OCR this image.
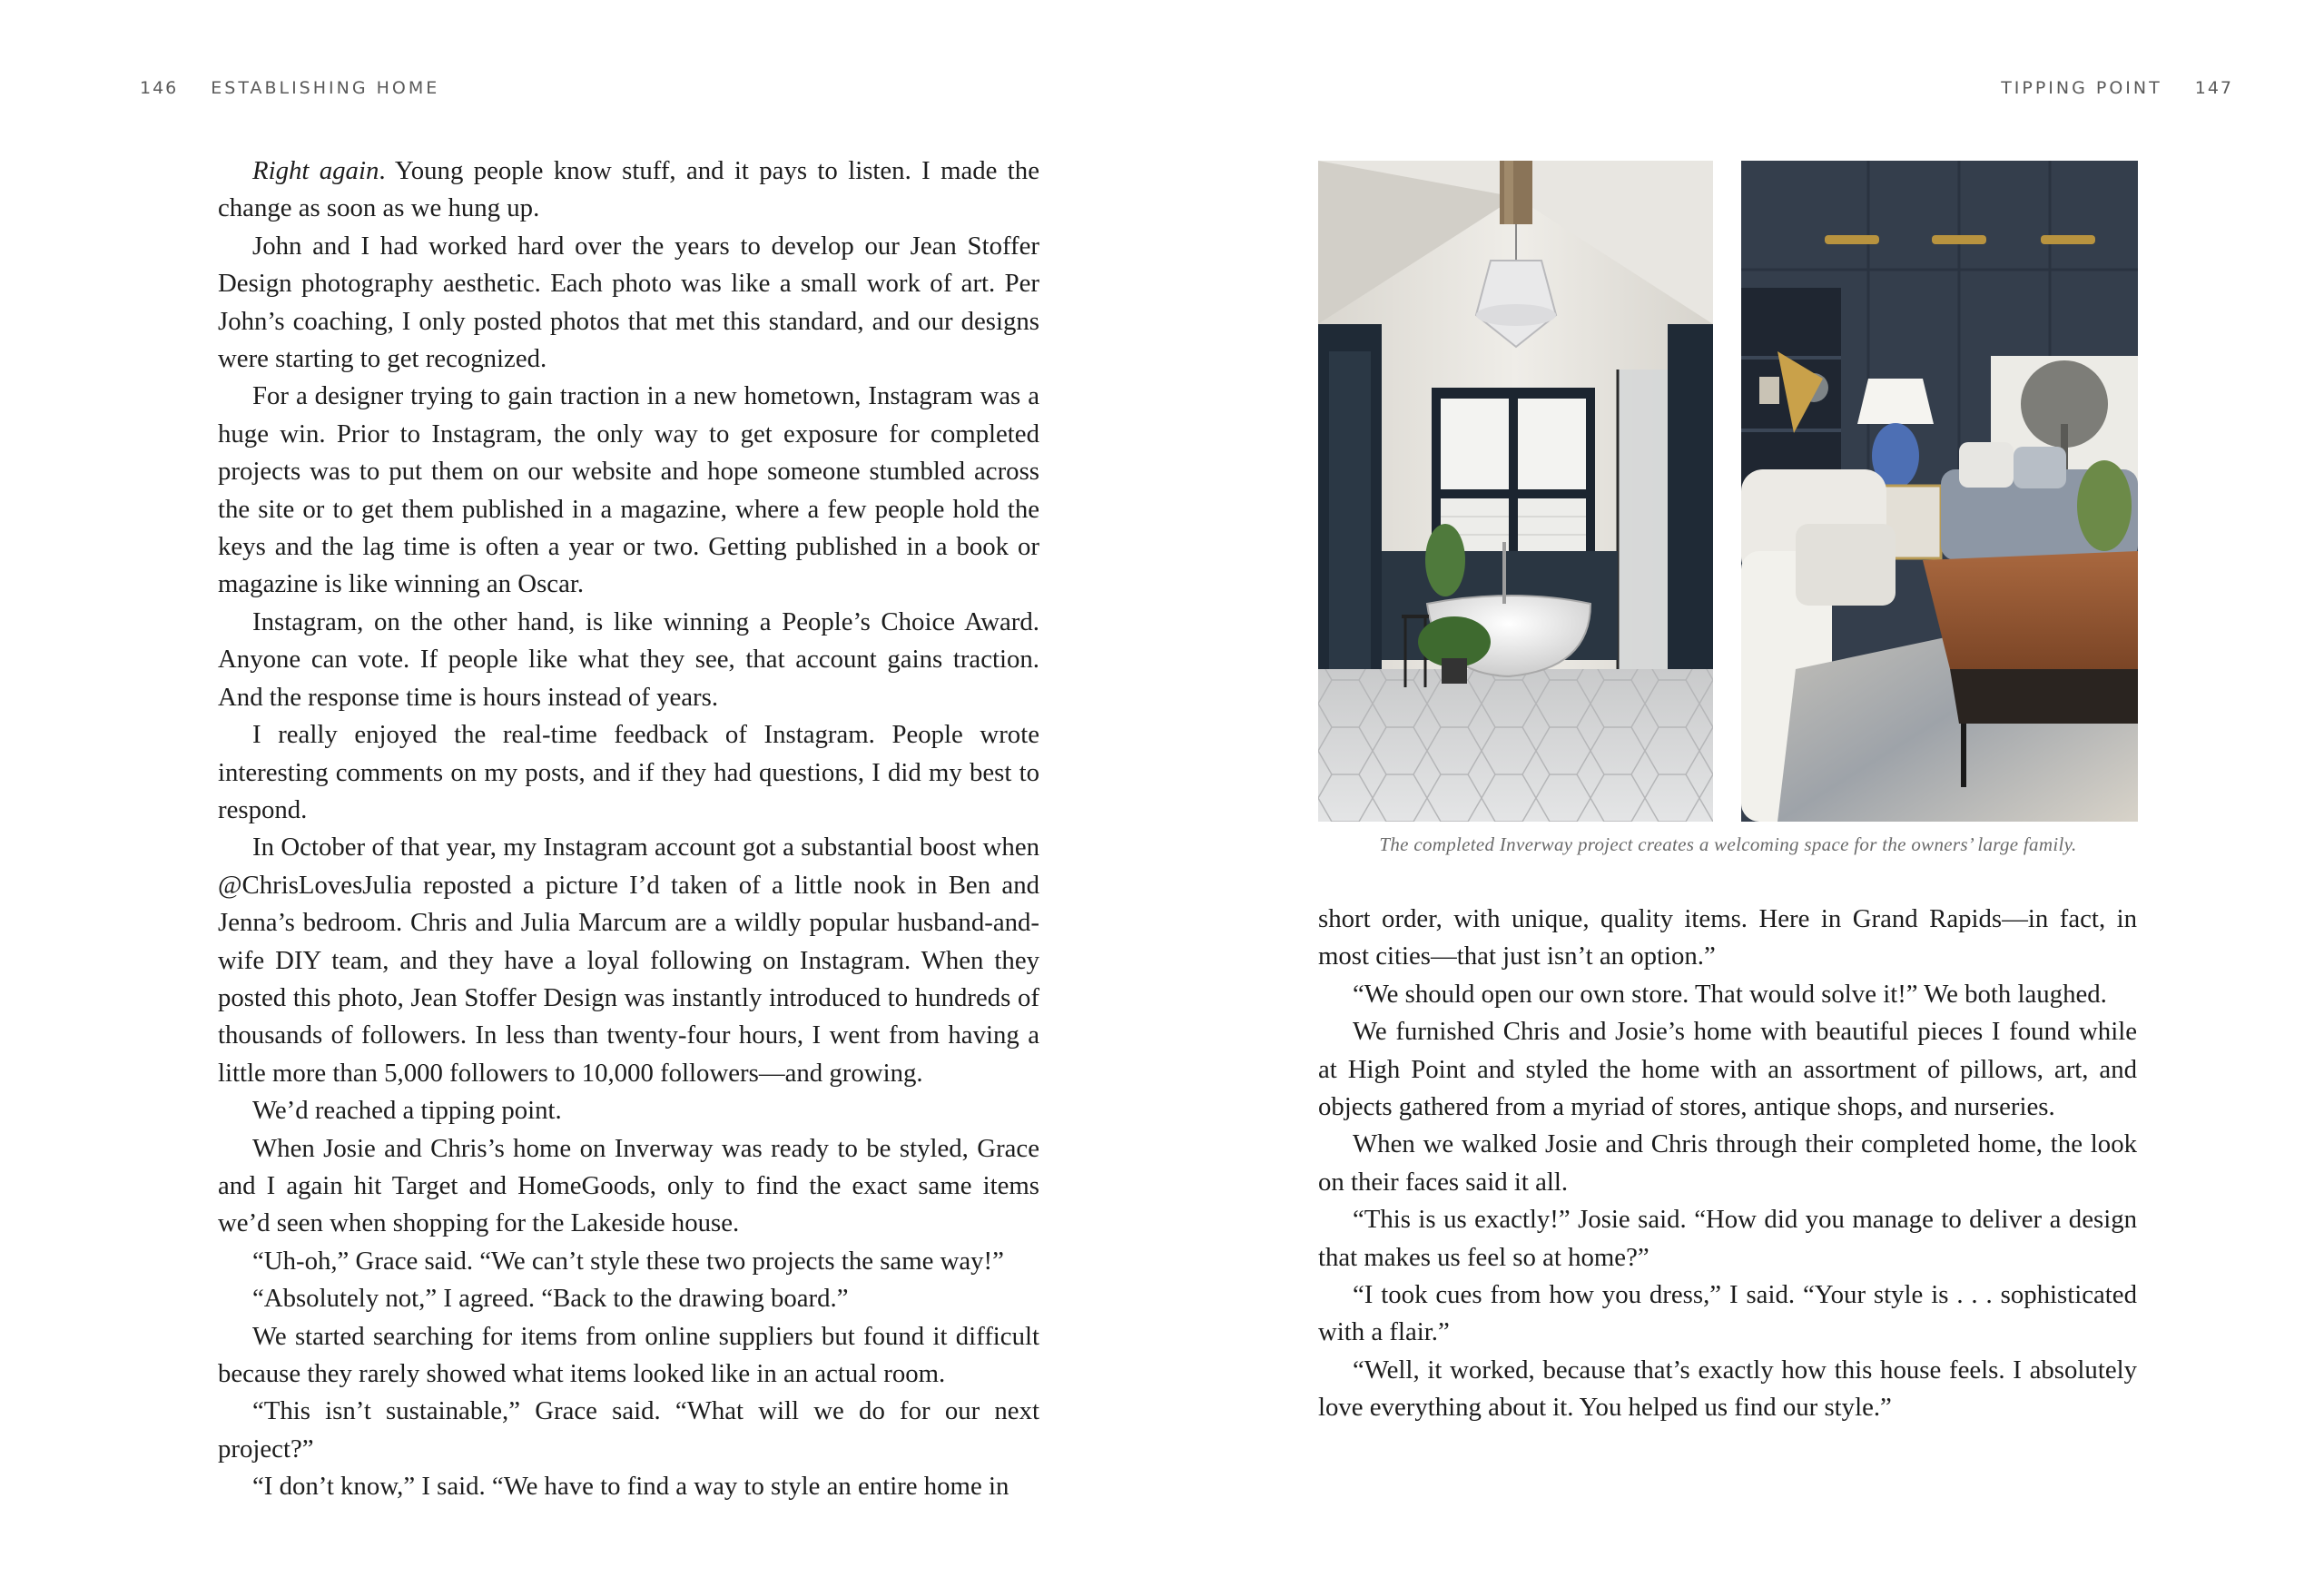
146 ESTABLISHING HOME

Right again. Young people know stuff, and it pays to listen. I made the change as soon as we hung up.

John and I had worked hard over the years to develop our Jean Stoffer Design photography aesthetic. Each photo was like a small work of art. Per John’s coaching, I only posted photos that met this standard, and our designs were starting to get recognized.

For a designer trying to gain traction in a new hometown, Instagram was a huge win. Prior to Instagram, the only way to get exposure for completed projects was to put them on our website and hope someone stumbled across the site or to get them published in a magazine, where a few people hold the keys and the lag time is often a year or two. Getting published in a book or magazine is like winning an Oscar.

Instagram, on the other hand, is like winning a People’s Choice Award. Anyone can vote. If people like what they see, that account gains traction. And the response time is hours instead of years.

I really enjoyed the real-time feedback of Instagram. People wrote interesting comments on my posts, and if they had questions, I did my best to respond.

In October of that year, my Instagram account got a substantial boost when @ChrisLovesJulia reposted a picture I’d taken of a little nook in Ben and Jenna’s bedroom. Chris and Julia Marcum are a wildly popular husband-and-wife DIY team, and they have a loyal following on Instagram. When they posted this photo, Jean Stoffer Design was instantly introduced to hundreds of thousands of followers. In less than twenty-four hours, I went from having a little more than 5,000 followers to 10,000 followers—and growing.

We’d reached a tipping point.

When Josie and Chris’s home on Inverway was ready to be styled, Grace and I again hit Target and HomeGoods, only to find the exact same items we’d seen when shopping for the Lakeside house.

“Uh-oh,” Grace said. “We can’t style these two projects the same way!”

“Absolutely not,” I agreed. “Back to the drawing board.”

We started searching for items from online suppliers but found it difficult because they rarely showed what items looked like in an actual room.

“This isn’t sustainable,” Grace said. “What will we do for our next project?”

“I don’t know,” I said. “We have to find a way to style an entire home in

TIPPING POINT 147
The completed Inverway project creates a welcoming space for the owners’ large family.

short order, with unique, quality items. Here in Grand Rapids—in fact, in most cities—that just isn’t an option.”

“We should open our own store. That would solve it!” We both laughed.

We furnished Chris and Josie’s home with beautiful pieces I found while at High Point and styled the home with an assortment of pillows, art, and objects gathered from a myriad of stores, antique shops, and nurseries.

When we walked Josie and Chris through their completed home, the look on their faces said it all.

“This is us exactly!” Josie said. “How did you manage to deliver a design that makes us feel so at home?”

“I took cues from how you dress,” I said. “Your style is . . . sophisticated with a flair.”

“Well, it worked, because that’s exactly how this house feels. I absolutely love everything about it. You helped us find our style.”
